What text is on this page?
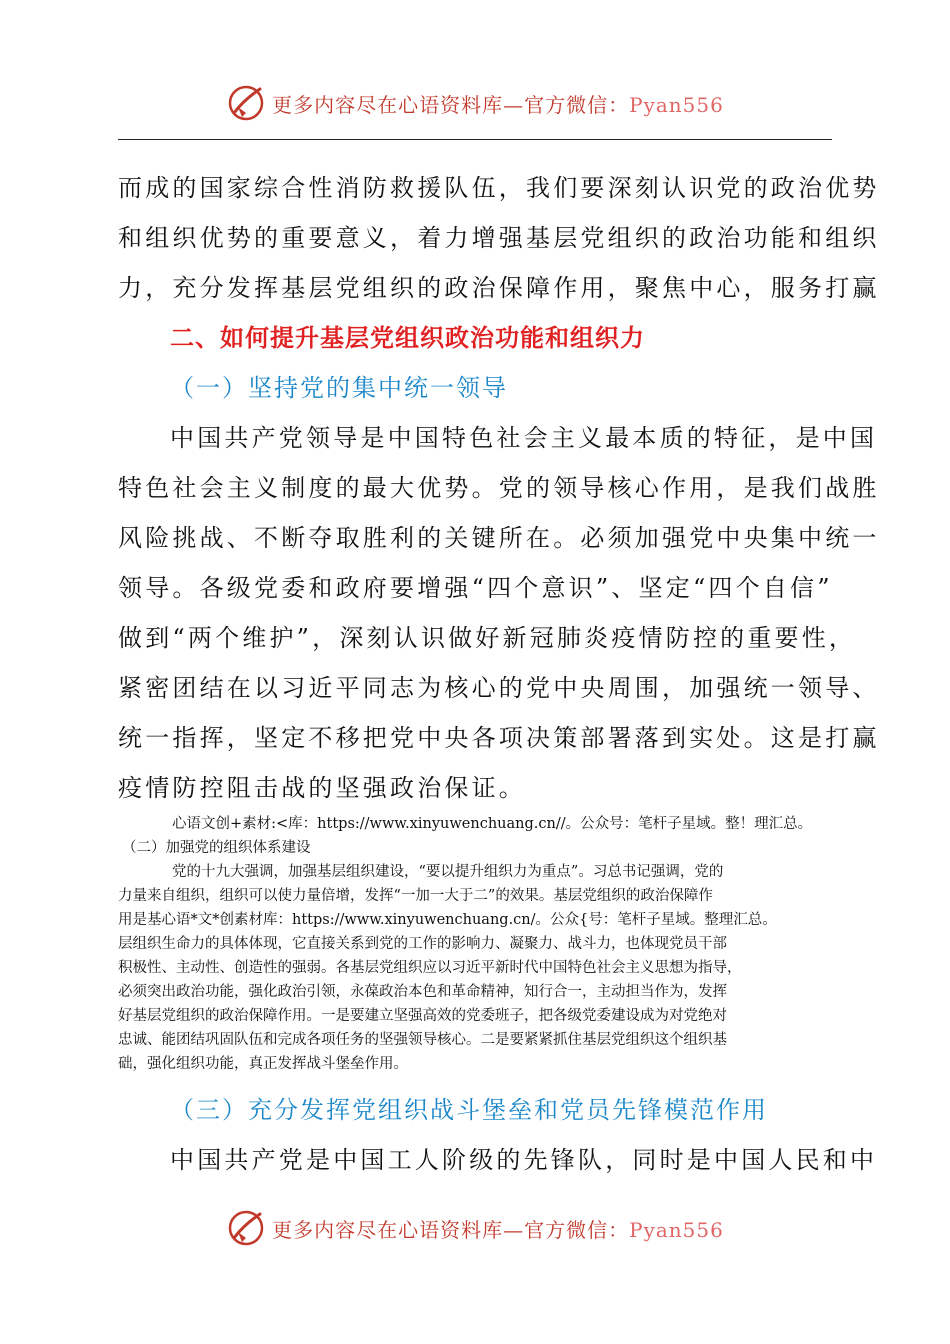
更多内容尽在心语资料库—官方微信：Pyan556
而成的国家综合性消防救援队伍，我们要深刻认识党的政治优势
和组织优势的重要意义，着力增强基层党组织的政治功能和组织
力，充分发挥基层党组织的政治保障作用，聚焦中心，服务打赢
二、如何提升基层党组织政治功能和组织力
（一）坚持党的集中统一领导
中国共产党领导是中国特色社会主义最本质的特征，是中国
特色社会主义制度的最大优势。党的领导核心作用，是我们战胜
风险挑战、不断夺取胜利的关键所在。必须加强党中央集中统一
领导。各级党委和政府要增强“四个意识”、坚定“四个自信”
做到“两个维护”，深刻认识做好新冠肺炎疫情防控的重要性，
紧密团结在以习近平同志为核心的党中央周围，加强统一领导、
统一指挥，坚定不移把党中央各项决策部署落到实处。这是打赢
疫情防控阻击战的坚强政治保证。
心语文创+素材:<库：https://www.xinyuwenchuang.cn//。公众号：笔杆子星域。整！理汇总。
（二）加强党的组织体系建设
党的十九大强调，加强基层组织建设，“要以提升组织力为重点”。习总书记强调，党的
力量来自组织，组织可以使力量倍增，发挥“一加一大于二”的效果。基层党组织的政治保障作
用是基心语*文*创素材库：https://www.xinyuwenchuang.cn/。公众{号：笔杆子星域。整理汇总。
层组织生命力的具体体现，它直接关系到党的工作的影响力、凝聚力、战斗力，也体现党员干部
积极性、主动性、创造性的强弱。各基层党组织应以习近平新时代中国特色社会主义思想为指导，
必须突出政治功能，强化政治引领，永葆政治本色和革命精神，知行合一，主动担当作为，发挥
好基层党组织的政治保障作用。一是要建立坚强高效的党委班子，把各级党委建设成为对党绝对
忠诚、能团结巩固队伍和完成各项任务的坚强领导核心。二是要紧紧抓住基层党组织这个组织基
础，强化组织功能，真正发挥战斗堡垒作用。
（三）充分发挥党组织战斗堡垒和党员先锋模范作用
中国共产党是中国工人阶级的先锋队，同时是中国人民和中
更多内容尽在心语资料库—官方微信：Pyan556
